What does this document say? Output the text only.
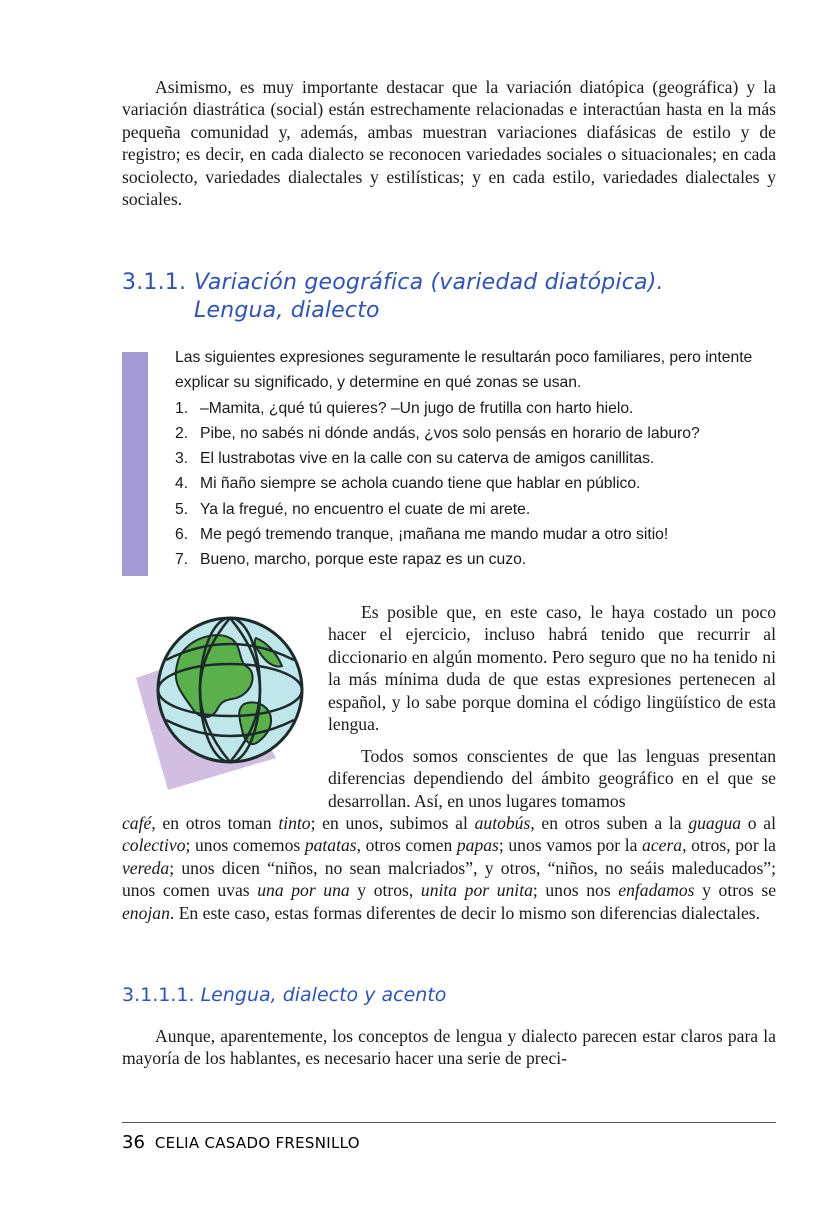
Asimismo, es muy importante destacar que la variación diatópica (geográfica) y la variación diastrática (social) están estrechamente relacionadas e interactúan hasta en la más pequeña comunidad y, además, ambas muestran variaciones diafásicas de estilo y de registro; es decir, en cada dialecto se reconocen variedades sociales o situacionales; en cada sociolecto, variedades dialectales y estilísticas; y en cada estilo, variedades dialectales y sociales.

3.1.1. Variación geográfica (variedad diatópica).
Lengua, dialecto

Las siguientes expresiones seguramente le resultarán poco familiares, pero intente explicar su significado, y determine en qué zonas se usan.

1. –Mamita, ¿qué tú quieres? –Un jugo de frutilla con harto hielo.
2. Pibe, no sabés ni dónde andás, ¿vos solo pensás en horario de laburo?
3. El lustrabotas vive en la calle con su caterva de amigos canillitas.
4. Mi ñaño siempre se achola cuando tiene que hablar en público.
5. Ya la fregué, no encuentro el cuate de mi arete.
6. Me pegó tremendo tranque, ¡mañana me mando mudar a otro sitio!
7. Bueno, marcho, porque este rapaz es un cuzo.

Es posible que, en este caso, le haya costado un poco hacer el ejercicio, incluso habrá tenido que recurrir al diccionario en algún momento. Pero seguro que no ha tenido ni la más mínima duda de que estas expresiones pertenecen al español, y lo sabe porque domina el código lingüístico de esta lengua.

Todos somos conscientes de que las lenguas presentan diferencias dependiendo del ámbito geográfico en el que se desarrollan. Así, en unos lugares tomamos

café, en otros toman tinto; en unos, subimos al autobús, en otros suben a la guagua o al colectivo; unos comemos patatas, otros comen papas; unos vamos por la acera, otros, por la vereda; unos dicen “niños, no sean malcriados”, y otros, “niños, no seáis maleducados”; unos comen uvas una por una y otros, unita por unita; unos nos enfadamos y otros se enojan. En este caso, estas formas diferentes de decir lo mismo son diferencias dialectales.

3.1.1.1. Lengua, dialecto y acento

Aunque, aparentemente, los conceptos de lengua y dialecto parecen estar claros para la mayoría de los hablantes, es necesario hacer una serie de preci-

36 CELIA CASADO FRESNILLO
